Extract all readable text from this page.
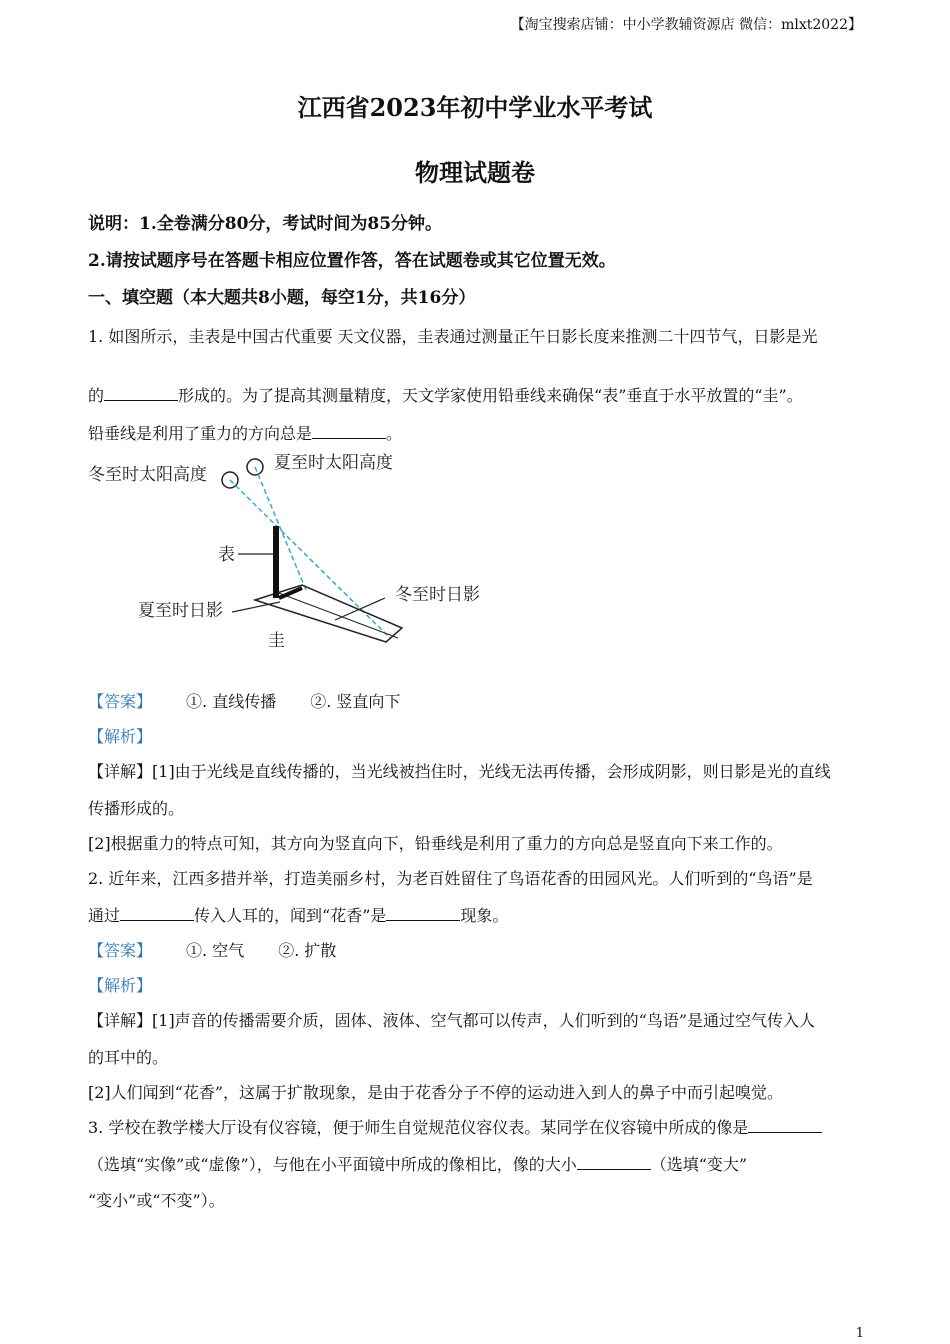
【淘宝搜索店铺：中小学教辅资源店 微信：mlxt2022】
江西省2023年初中学业水平考试
物理试题卷
说明：1.全卷满分80分，考试时间为85分钟。
2.请按试题序号在答题卡相应位置作答，答在试题卷或其它位置无效。
一、填空题（本大题共8小题，每空1分，共16分）
1. 如图所示，圭表是中国古代重要 天文仪器，圭表通过测量正午日影长度来推测二十四节气，日影是光
的	形成的。为了提高其测量精度，天文学家使用铅垂线来确保“表”垂直于水平放置的“圭”。
铅垂线是利用了重力的方向总是	。
冬至时太阳高度
夏至时太阳高度
表
冬至时日影
夏至时日影
圭
【答案】 ①. 直线传播 ②. 竖直向下
【解析】
【详解】[1]由于光线是直线传播的，当光线被挡住时，光线无法再传播，会形成阴影，则日影是光的直线
传播形成的。
[2]根据重力的特点可知，其方向为竖直向下，铅垂线是利用了重力的方向总是竖直向下来工作的。
2. 近年来，江西多措并举，打造美丽乡村，为老百姓留住了鸟语花香的田园风光。人们听到的“鸟语”是
通过	传入人耳的，闻到“花香”是	现象。
【答案】 ①. 空气 ②. 扩散
【解析】
【详解】[1]声音的传播需要介质，固体、液体、空气都可以传声，人们听到的“鸟语”是通过空气传入人
的耳中的。
[2]人们闻到“花香”，这属于扩散现象，是由于花香分子不停的运动进入到人的鼻子中而引起嗅觉。
3. 学校在教学楼大厅设有仪容镜，便于师生自觉规范仪容仪表。某同学在仪容镜中所成的像是
（选填“实像”或“虚像”），与他在小平面镜中所成的像相比，像的大小	（选填“变大”
“变小”或“不变”）。
1
